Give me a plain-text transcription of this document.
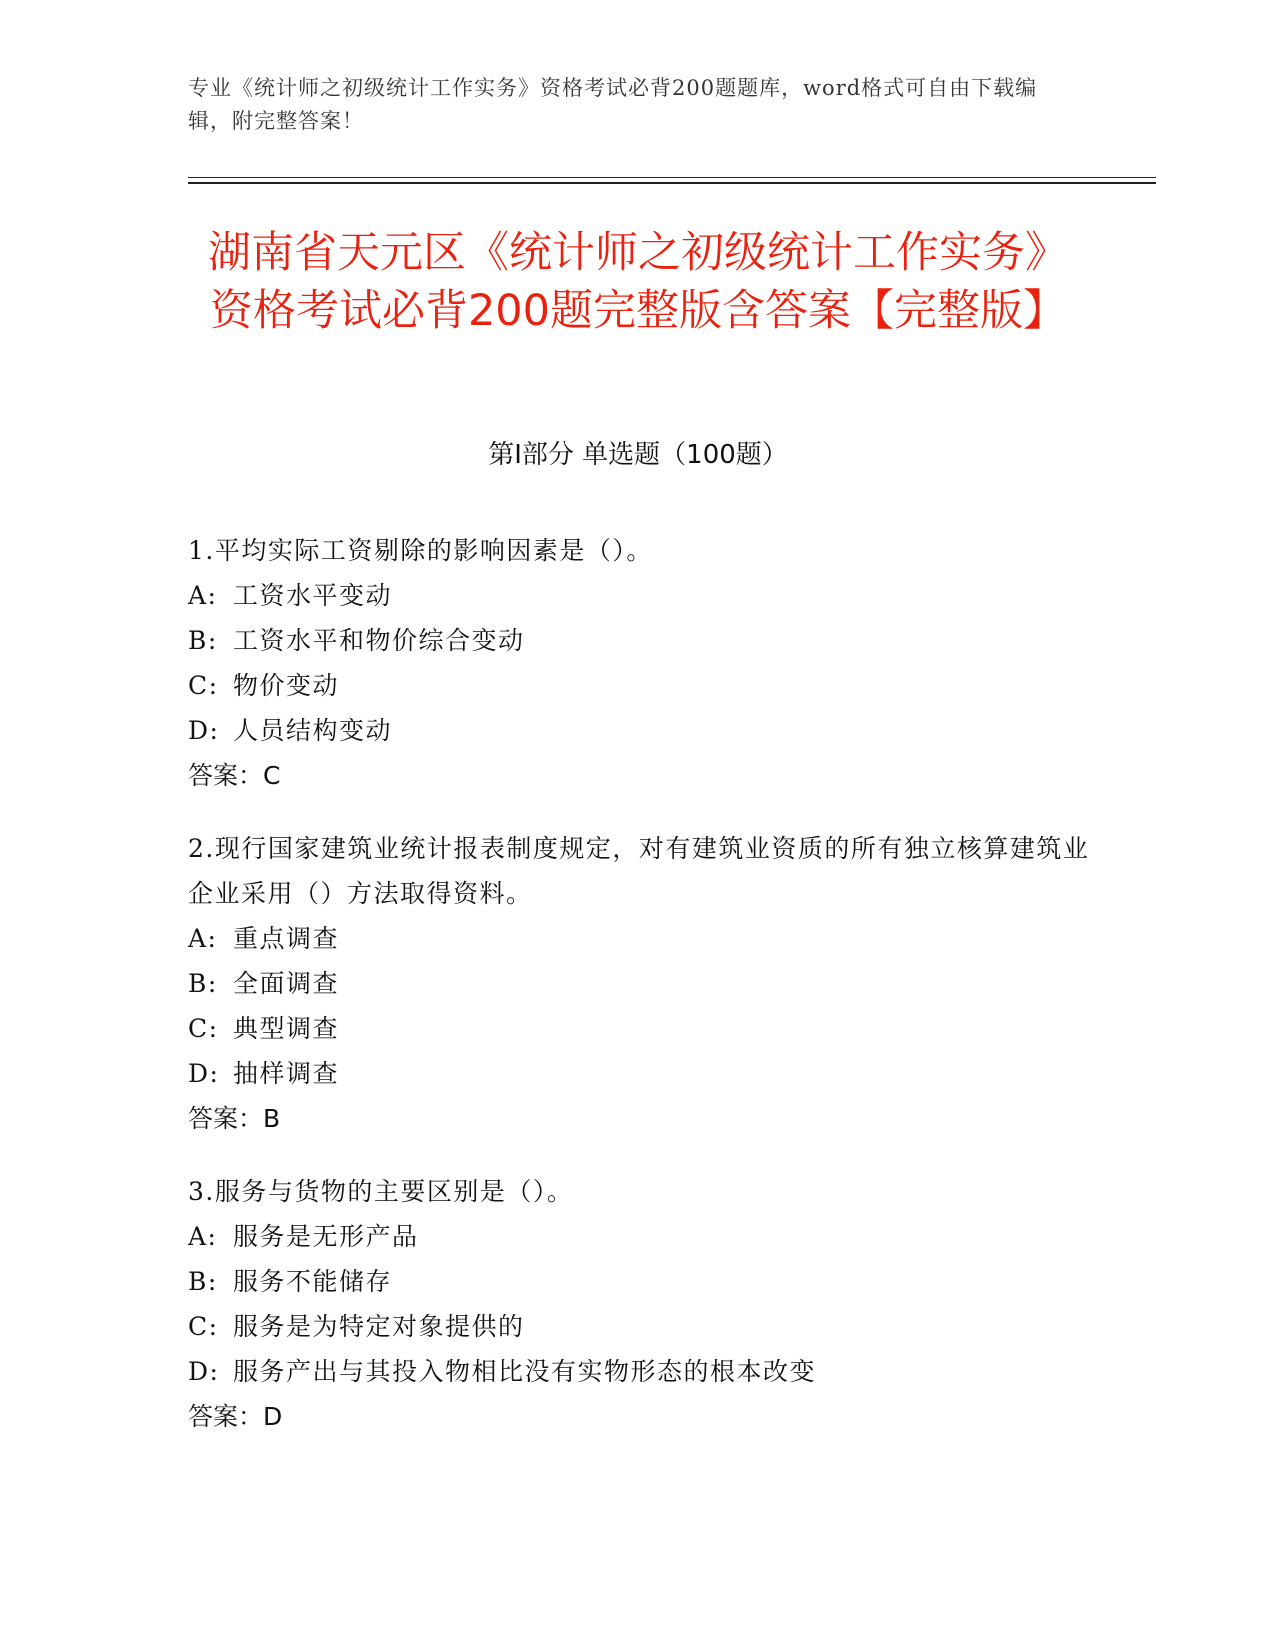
专业《统计师之初级统计工作实务》资格考试必背200题题库，word格式可自由下载编辑，附完整答案！
湖南省天元区《统计师之初级统计工作实务》资格考试必背200题完整版含答案【完整版】
第I部分 单选题（100题）
1.平均实际工资剔除的影响因素是（）。
A: 工资水平变动
B: 工资水平和物价综合变动
C: 物价变动
D: 人员结构变动
答案：C
2.现行国家建筑业统计报表制度规定，对有建筑业资质的所有独立核算建筑业企业采用（）方法取得资料。
A: 重点调查
B: 全面调查
C: 典型调查
D: 抽样调查
答案：B
3.服务与货物的主要区别是（）。
A: 服务是无形产品
B: 服务不能储存
C: 服务是为特定对象提供的
D: 服务产出与其投入物相比没有实物形态的根本改变
答案：D
